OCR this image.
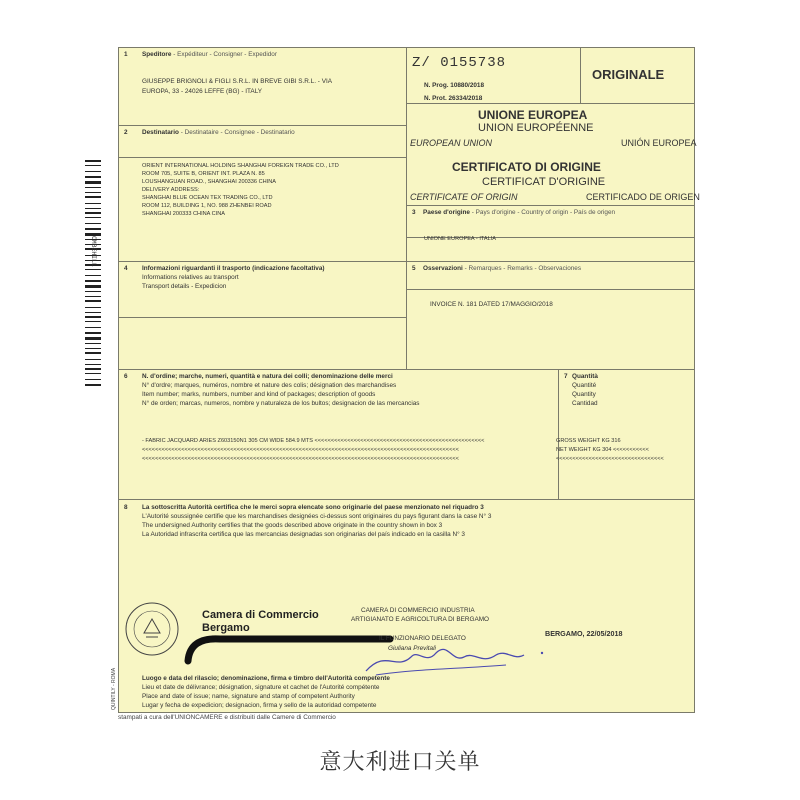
CMBEHILL
1 Speditore - Expéditeur - Consigner - Expedidor
GIUSEPPE BRIGNOLI & FIGLI S.R.L. IN BREVE GIBI S.R.L. - VIA
EUROPA, 33 - 24026 LEFFE (BG) - ITALY
Z/ 0155738
N. Prog. 10880/2018
N. Prot. 26334/2018
ORIGINALE
UNIONE EUROPEA
UNION EUROPÉENNE
EUROPEAN UNION	UNIÓN EUROPEA
CERTIFICATO DI ORIGINE
CERTIFICAT D'ORIGINE
CERTIFICATE OF ORIGIN	CERTIFICADO DE ORIGEN
2 Destinatario - Destinataire - Consignee - Destinatario
ORIENT INTERNATIONAL HOLDING SHANGHAI FOREIGN TRADE CO., LTD
ROOM 705, SUITE B, ORIENT INT. PLAZA N. 85
LOUSHANGUAN ROAD., SHANGHAI 200336 CHINA
DELIVERY ADDRESS:
SHANGHAI BLUE OCEAN TEX TRADING CO., LTD
ROOM 112, BUILDING 1, NO. 988 ZHENBEI ROAD
SHANGHAI 200333 CHINA CINA	3 Paese d'origine - Pays d'origine - Country of origin - País de origen
UNIONE EUROPEA - ITALIA
4 Informazioni riguardanti il trasporto (indicazione facoltativa)
Informations relatives au transport
Transport details - Expedicion
5 Osservazioni - Remarques - Remarks - Observaciones
INVOICE N. 181 DATED 17/MAGGIO/2018
6 N. d'ordine; marche, numeri, quantità e natura dei colli; denominazione delle merci
N° d'ordre; marques, numéros, nombre et nature des colis; désignation des marchandises
Item number; marks, numbers, number and kind of packages; description of goods
N° de orden; marcas, numeros, nombre y naturaleza de los bultos; designacion de las mercancias
- FABRIC JACQUARD ARIES Z603150N1 305 CM WIDE 584.9 MTS <<<<<<<<<<<<<<<<<<<<<<<<<<<<<<<<<<<<<<<<<<<<<<<<<<<<
<<<<<<<<<<<<<<<<<<<<<<<<<<<<<<<<<<<<<<<<<<<<<<<<<<<<<<<<<<<<<<<<<<<<<<<<<<<<<<<<<<<<<<<<<<<<<<<<<
<<<<<<<<<<<<<<<<<<<<<<<<<<<<<<<<<<<<<<<<<<<<<<<<<<<<<<<<<<<<<<<<<<<<<<<<<<<<<<<<<<<<<<<<<<<<<<<<<
7 Quantità
Quantité
Quantity
Cantidad
GROSS WEIGHT KG 316
NET WEIGHT KG 304 <<<<<<<<<<<
<<<<<<<<<<<<<<<<<<<<<<<<<<<<<<<<<
8 La sottoscritta Autorità certifica che le merci sopra elencate sono originarie del paese menzionato nel riquadro 3
L'Autorité soussignée certifie que les marchandises designées ci-dessus sont originaires du pays figurant dans la case N° 3
The undersigned Authority certifies that the goods described above originate in the country shown in box 3
La Autoridad infrascrita certifica que las mercancias designadas son originarias del país indicado en la casilla N° 3
Camera di Commercio
Bergamo
CAMERA DI COMMERCIO INDUSTRIA
ARTIGIANATO E AGRICOLTURA DI BERGAMO
BERGAMO, 22/05/2018
IL FUNZIONARIO DELEGATO
Giuliana Previtali
Luogo e data del rilascio; denominazione, firma e timbro dell'Autorità competente
Lieu et date de délivrance; désignation, signature et cachet de l'Autorité compétente
Place and date of issue; name, signature and stamp of competent Authority
Lugar y fecha de expedicion; designacion, firma y sello de la autoridad competente
QUINTILY - ROMA
stampati a cura dell'UNIONCAMERE e distribuiti dalle Camere di Commercio
意大利进口关单
